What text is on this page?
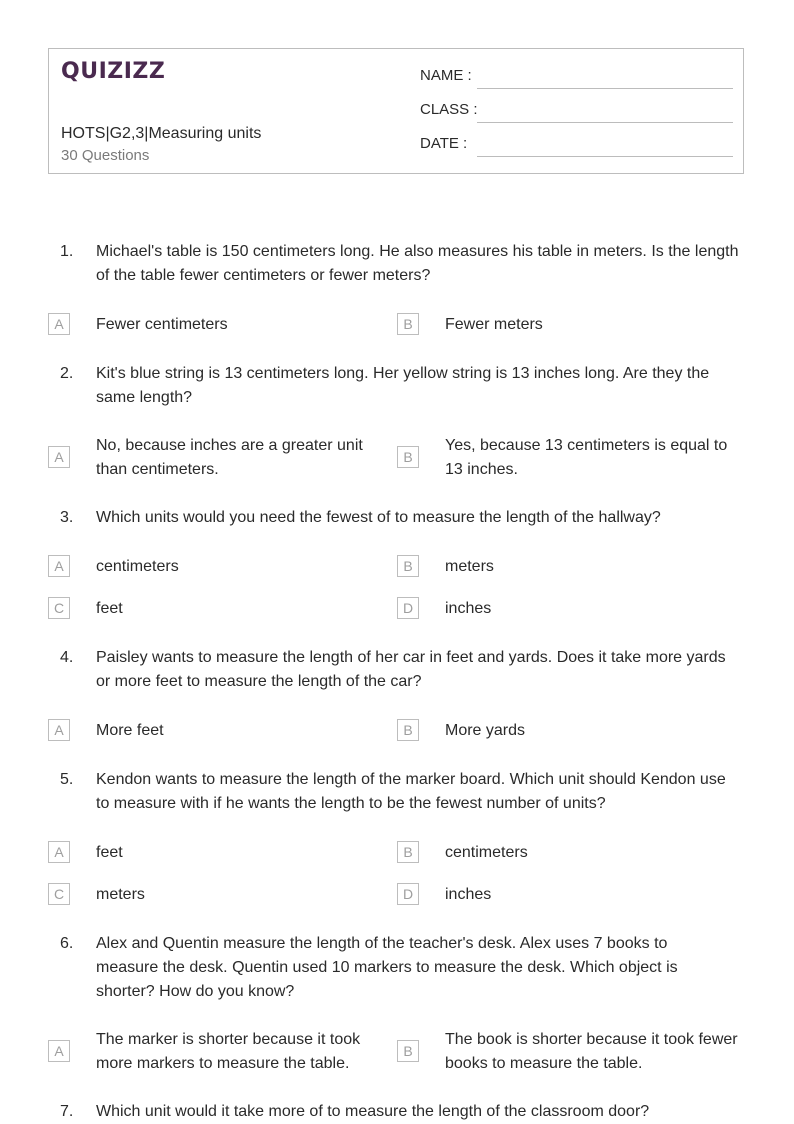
QUIZIZZ
HOTS|G2,3|Measuring units
30 Questions
NAME :
CLASS :
DATE :
1.	Michael's table is 150 centimeters long. He also measures his table in meters. Is the length of the table fewer centimeters or fewer meters?
A	Fewer centimeters	B	Fewer meters
2.	Kit's blue string is 13 centimeters long. Her yellow string is 13 inches long. Are they the same length?
A
No, because inches are a greater unit than centimeters.
B
Yes, because 13 centimeters is equal to 13 inches.
3.	Which units would you need the fewest of to measure the length of the hallway?
A	centimeters	B	meters
C	feet	D	inches
4.	Paisley wants to measure the length of her car in feet and yards. Does it take more yards or more feet to measure the length of the car?
A	More feet	B	More yards
5.	Kendon wants to measure the length of the marker board. Which unit should Kendon use to measure with if he wants the length to be the fewest number of units?
A	feet	B	centimeters
C	meters	D	inches
6.	Alex and Quentin measure the length of the teacher's desk. Alex uses 7 books to measure the desk. Quentin used 10 markers to measure the desk. Which object is shorter? How do you know?
A
The marker is shorter because it took more markers to measure the table.
B
The book is shorter because it took fewer books to measure the table.
7.	Which unit would it take more of to measure the length of the classroom door?
